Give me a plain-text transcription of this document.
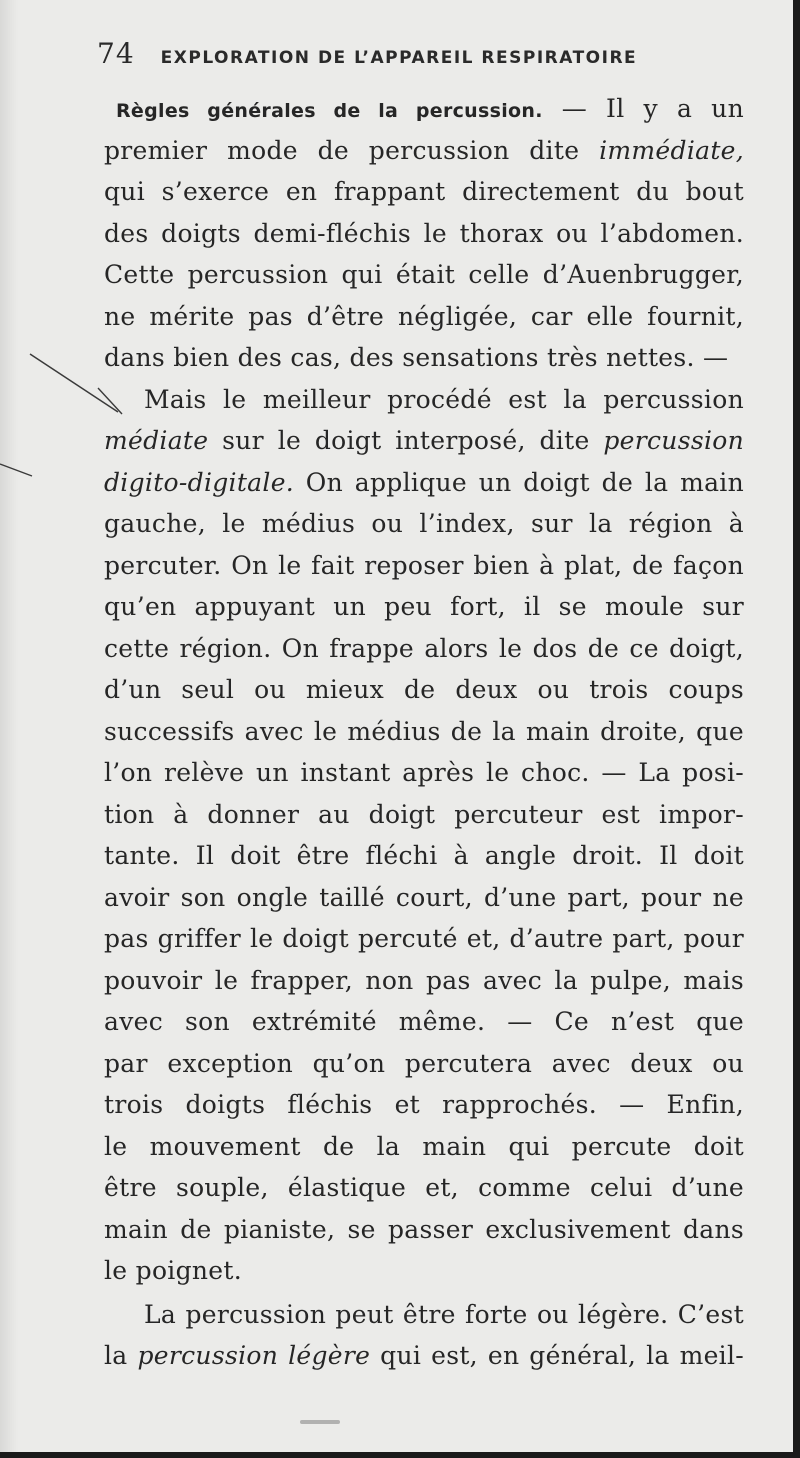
74 EXPLORATION DE L’APPAREIL RESPIRATOIRE
Règles générales de la percussion. — Il y a un
premier mode de percussion dite immédiate,
qui s’exerce en frappant directement du bout
des doigts demi-fléchis le thorax ou l’abdomen.
Cette percussion qui était celle d’Auenbrugger,
ne mérite pas d’être négligée, car elle fournit,
dans bien des cas, des sensations très nettes. —
Mais le meilleur procédé est la percussion
médiate sur le doigt interposé, dite percussion
digito-digitale. On applique un doigt de la main
gauche, le médius ou l’index, sur la région à
percuter. On le fait reposer bien à plat, de façon
qu’en appuyant un peu fort, il se moule sur
cette région. On frappe alors le dos de ce doigt,
d’un seul ou mieux de deux ou trois coups
successifs avec le médius de la main droite, que
l’on relève un instant après le choc. — La posi-
tion à donner au doigt percuteur est impor-
tante. Il doit être fléchi à angle droit. Il doit
avoir son ongle taillé court, d’une part, pour ne
pas griffer le doigt percuté et, d’autre part, pour
pouvoir le frapper, non pas avec la pulpe, mais
avec son extrémité même. — Ce n’est que
par exception qu’on percutera avec deux ou
trois doigts fléchis et rapprochés. — Enfin,
le mouvement de la main qui percute doit
être souple, élastique et, comme celui d’une
main de pianiste, se passer exclusivement dans
le poignet.
La percussion peut être forte ou légère. C’est
la percussion légère qui est, en général, la meil-
